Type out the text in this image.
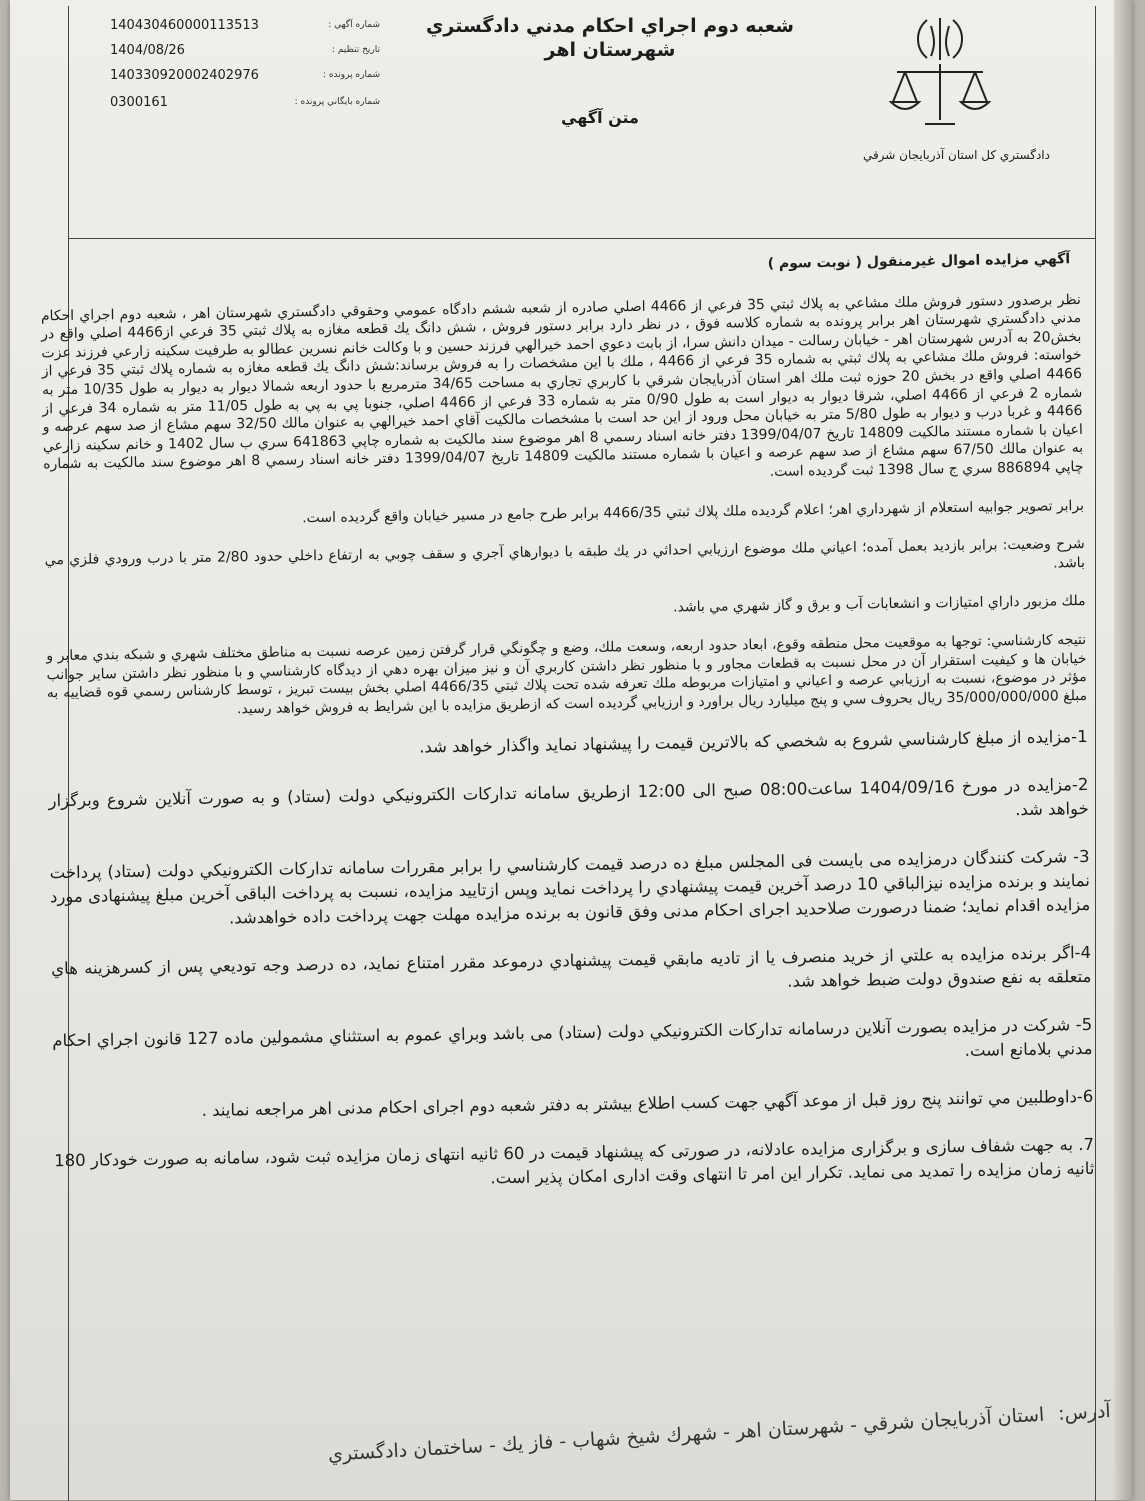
شعبه دوم اجراي احكام مدني دادگستري شهرستان اهر
متن آگهي
دادگستري كل استان آذربايجان شرقي
140430460000113513	شماره آگهي :
1404/08/26	تاريخ تنظيم :
140330920002402976	شماره پرونده :
0300161	شماره بايگاني پرونده :

آگهي مزايده اموال غيرمنقول ( نوبت سوم )

نظر برصدور دستور فروش ملك مشاعي به پلاك ثبتي 35 فرعي از 4466 اصلي صادره از شعبه ششم دادگاه عمومي وحقوقي دادگستري شهرستان اهر ، شعبه دوم اجراي احكام مدني دادگستري شهرستان اهر برابر پرونده به شماره كلاسه فوق ، در نظر دارد برابر دستور فروش ، شش دانگ يك قطعه مغازه به پلاك ثبتي 35 فرعي از4466 اصلي واقع در بخش20 به آدرس شهرستان اهر - خيابان رسالت - ميدان دانش سرا، از بابت دعوي احمد خيرالهي فرزند حسين و با وكالت خانم نسرين عطالو به طرفيت سكينه زارعي فرزند عزت خواسته: فروش ملك مشاعي به پلاك ثبتي به شماره 35 فرعي از 4466 ، ملك با اين مشخصات را به فروش برساند:شش دانگ يك قطعه مغازه به شماره پلاك ثبتي 35 فرعي از 4466 اصلي واقع در بخش 20 حوزه ثبت ملك اهر استان آذربايجان شرقي با كاربري تجاري به مساحت 34/65 مترمربع با حدود اربعه شمالا ديوار به ديوار به طول 10/35 متر به شماره 2 فرعي از 4466 اصلي، شرقا ديوار به ديوار است به طول 0/90 متر به شماره 33 فرعي از 4466 اصلي، جنوبا پي به پي به طول 11/05 متر به شماره 34 فرعي از 4466 و غربا درب و ديوار به طول 5/80 متر به خيابان محل ورود از اين حد است با مشخصات مالكيت آقاي احمد خيرالهي به عنوان مالك 32/50 سهم مشاع از صد سهم عرصه و اعيان با شماره مستند مالكيت 14809 تاريخ 1399/04/07 دفتر خانه اسناد رسمي 8 اهر موضوع سند مالكيت به شماره چاپي 641863 سري ب سال 1402 و خانم سكينه زارعي به عنوان مالك 67/50 سهم مشاع از صد سهم عرصه و اعيان با شماره مستند مالكيت 14809 تاريخ 1399/04/07 دفتر خانه اسناد رسمي 8 اهر موضوع سند مالكيت به شماره چاپي 886894 سري ج سال 1398 ثبت گرديده است.

برابر تصوير جوابيه استعلام از شهرداري اهر؛ اعلام گرديده ملك پلاك ثبتي 4466/35 برابر طرح جامع در مسير خيابان واقع گرديده است.

شرح وضعيت: برابر بازديد بعمل آمده؛ اعياني ملك موضوع ارزيابي احداثي در يك طبقه با ديوارهاي آجري و سقف چوبي به ارتفاع داخلي حدود 2/80 متر با درب ورودي فلزي مي باشد.

ملك مزبور داراي امتيازات و انشعابات آب و برق و گاز شهري مي باشد.

نتيجه كارشناسي: توجها به موقعيت محل منطقه وقوع، ابعاد حدود اربعه، وسعت ملك، وضع و چگونگي قرار گرفتن زمين عرصه نسبت به مناطق مختلف شهري و شبكه بندي معابر و خيابان ها و كيفيت استقرار آن در محل نسبت به قطعات مجاور و با منظور نظر داشتن كاربري آن و نيز ميزان بهره دهي از ديدگاه كارشناسي و با منظور نظر داشتن ساير جوانب مؤثر در موضوع، نسبت به ارزيابي عرصه و اعياني و امتيازات مربوطه ملك تعرفه شده تحت پلاك ثبتي 4466/35 اصلي بخش بيست تبريز ، توسط كارشناس رسمي قوه قضاييه به مبلغ 35/000/000/000 ريال بحروف سي و پنج ميليارد ريال براورد و ارزيابي گرديده است كه ازطريق مزايده با اين شرايط به فروش خواهد رسيد.

1-مزايده از مبلغ كارشناسي شروع به شخصي كه بالاترين قيمت را پيشنهاد نمايد واگذار خواهد شد.

2-مزايده در مورخ 1404/09/16 ساعت08:00 صبح الی 12:00 ازطريق سامانه تداركات الكترونيكي دولت (ستاد) و به صورت آنلاين شروع وبرگزار خواهد شد.

3- شركت كنندگان درمزايده می بايست فی المجلس مبلغ ده درصد قيمت كارشناسي را برابر مقررات سامانه تداركات الكترونيكي دولت (ستاد) پرداخت نمايند و برنده مزايده نيزالباقي 10 درصد آخرين قيمت پيشنهادي را پرداخت نمايد وپس ازتاييد مزايده، نسبت به پرداخت الباقی آخرين مبلغ پيشنهادی مورد مزايده اقدام نمايد؛ ضمنا درصورت صلاحديد اجرای احكام مدنی وفق قانون به برنده مزايده مهلت جهت پرداخت داده خواهدشد.

4-اگر برنده مزايده به علتي از خريد منصرف يا از تاديه مابقي قيمت پيشنهادي درموعد مقرر امتناع نمايد، ده درصد وجه توديعي پس از كسرهزينه هاي متعلقه به نفع صندوق دولت ضبط خواهد شد.

5- شركت در مزايده بصورت آنلاين درسامانه تداركات الكترونيكي دولت (ستاد) می باشد وبراي عموم به استثناي مشمولين ماده 127 قانون اجراي احكام مدني بلامانع است.

6-داوطلبين مي توانند پنج روز قبل از موعد آگهي جهت كسب اطلاع بيشتر به دفتر شعبه دوم اجرای احكام مدنی اهر مراجعه نمايند .

7. به جهت شفاف سازی و برگزاری مزايده عادلانه، در صورتی كه پيشنهاد قيمت در 60 ثانيه انتهای زمان مزايده ثبت شود، سامانه به صورت خودكار 180 ثانيه زمان مزايده را تمديد می نمايد. تكرار اين امر تا انتهای وقت اداری امكان پذير است.

آدرس: استان آذربايجان شرقي - شهرستان اهر - شهرك شيخ شهاب - فاز يك - ساختمان دادگستري
